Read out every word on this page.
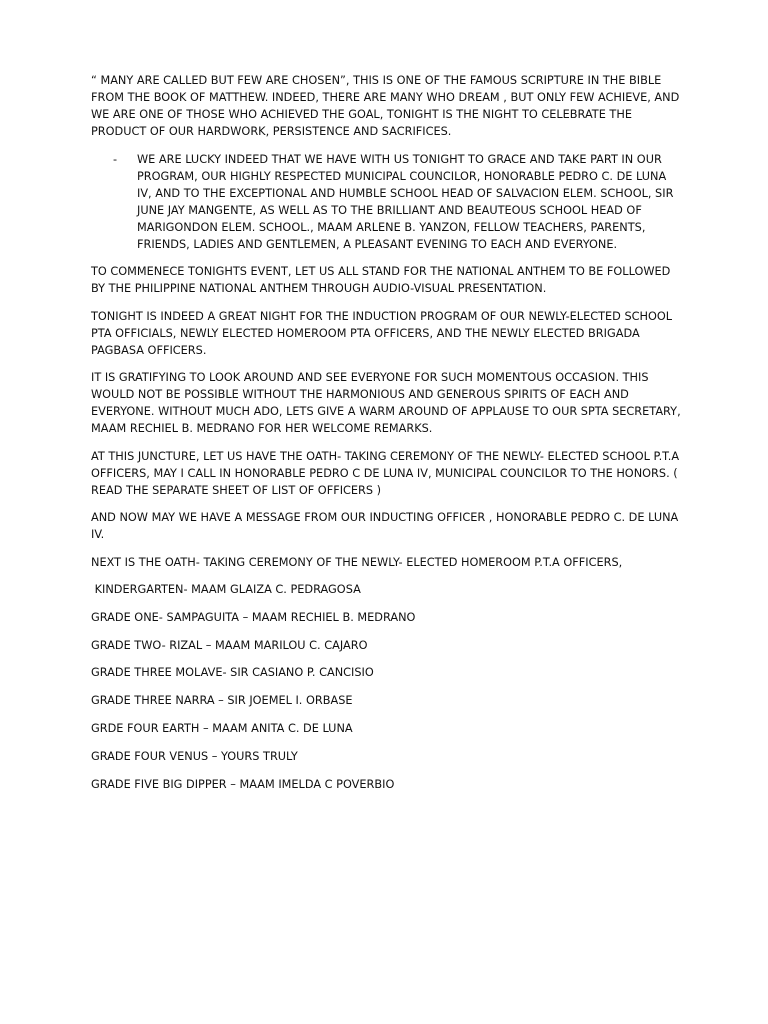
“ MANY ARE CALLED BUT FEW ARE CHOSEN”, THIS IS ONE OF THE FAMOUS SCRIPTURE IN THE BIBLE FROM THE BOOK OF MATTHEW. INDEED, THERE ARE MANY WHO DREAM , BUT ONLY FEW ACHIEVE, AND WE ARE ONE OF THOSE WHO ACHIEVED THE GOAL, TONIGHT IS THE NIGHT TO CELEBRATE THE PRODUCT OF OUR HARDWORK, PERSISTENCE AND SACRIFICES.

- WE ARE LUCKY INDEED THAT WE HAVE WITH US TONIGHT TO GRACE AND TAKE PART IN OUR PROGRAM, OUR HIGHLY RESPECTED MUNICIPAL COUNCILOR, HONORABLE PEDRO C. DE LUNA IV, AND TO THE EXCEPTIONAL AND HUMBLE SCHOOL HEAD OF SALVACION ELEM. SCHOOL, SIR JUNE JAY MANGENTE, AS WELL AS TO THE BRILLIANT AND BEAUTEOUS SCHOOL HEAD OF MARIGONDON ELEM. SCHOOL., MAAM ARLENE B. YANZON, FELLOW TEACHERS, PARENTS, FRIENDS, LADIES AND GENTLEMEN, A PLEASANT EVENING TO EACH AND EVERYONE.

TO COMMENECE TONIGHTS EVENT, LET US ALL STAND FOR THE NATIONAL ANTHEM TO BE FOLLOWED BY THE PHILIPPINE NATIONAL ANTHEM THROUGH AUDIO-VISUAL PRESENTATION.

TONIGHT IS INDEED A GREAT NIGHT FOR THE INDUCTION PROGRAM OF OUR NEWLY-ELECTED SCHOOL PTA OFFICIALS, NEWLY ELECTED HOMEROOM PTA OFFICERS, AND THE NEWLY ELECTED BRIGADA PAGBASA OFFICERS.

IT IS GRATIFYING TO LOOK AROUND AND SEE EVERYONE FOR SUCH MOMENTOUS OCCASION. THIS WOULD NOT BE POSSIBLE WITHOUT THE HARMONIOUS AND GENEROUS SPIRITS OF EACH AND EVERYONE. WITHOUT MUCH ADO, LETS GIVE A WARM AROUND OF APPLAUSE TO OUR SPTA SECRETARY, MAAM RECHIEL B. MEDRANO FOR HER WELCOME REMARKS.

AT THIS JUNCTURE, LET US HAVE THE OATH- TAKING CEREMONY OF THE NEWLY- ELECTED SCHOOL P.T.A OFFICERS, MAY I CALL IN HONORABLE PEDRO C DE LUNA IV, MUNICIPAL COUNCILOR TO THE HONORS. ( READ THE SEPARATE SHEET OF LIST OF OFFICERS )

AND NOW MAY WE HAVE A MESSAGE FROM OUR INDUCTING OFFICER , HONORABLE PEDRO C. DE LUNA IV.

NEXT IS THE OATH- TAKING CEREMONY OF THE NEWLY- ELECTED HOMEROOM P.T.A OFFICERS,

KINDERGARTEN- MAAM GLAIZA C. PEDRAGOSA

GRADE ONE- SAMPAGUITA – MAAM RECHIEL B. MEDRANO

GRADE TWO- RIZAL – MAAM MARILOU C. CAJARO

GRADE THREE MOLAVE- SIR CASIANO P. CANCISIO

GRADE THREE NARRA – SIR JOEMEL I. ORBASE

GRDE FOUR EARTH – MAAM ANITA C. DE LUNA

GRADE FOUR VENUS – YOURS TRULY

GRADE FIVE BIG DIPPER – MAAM IMELDA C POVERBIO
